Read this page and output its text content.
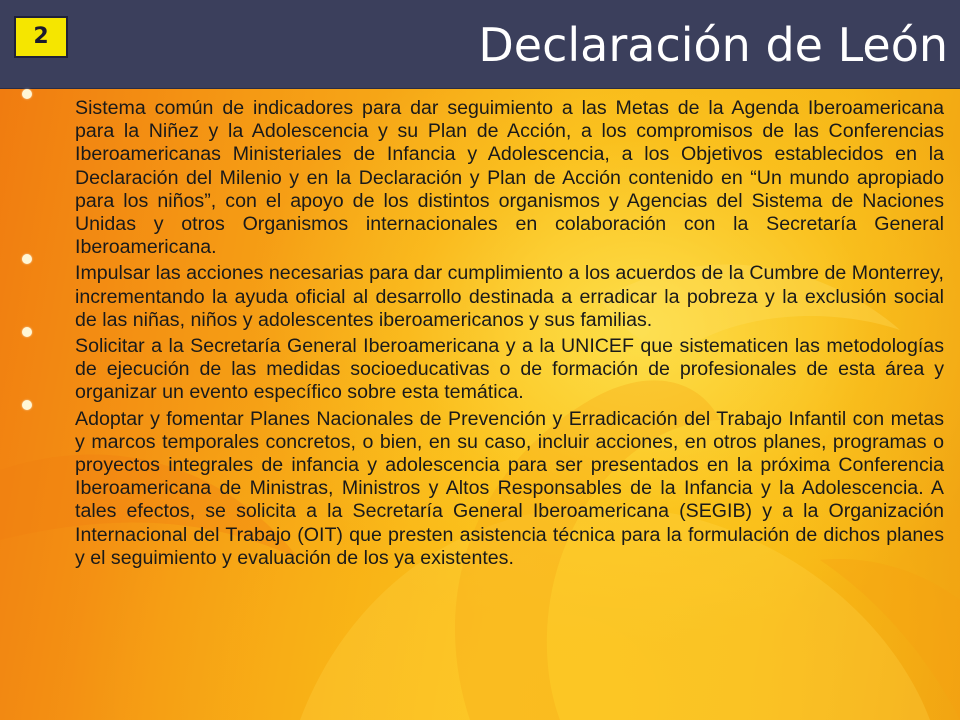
2	Declaración de León
Sistema común de indicadores para dar seguimiento a las Metas de la Agenda Iberoamericana para la Niñez y la Adolescencia y su Plan de Acción, a los compromisos de las Conferencias Iberoamericanas Ministeriales de Infancia y Adolescencia, a los Objetivos establecidos en la Declaración del Milenio y en la Declaración y Plan de Acción contenido en “Un mundo apropiado para los niños”, con el apoyo de los distintos organismos y Agencias del Sistema de Naciones Unidas y otros Organismos internacionales en colaboración con la Secretaría General Iberoamericana.
Impulsar las acciones necesarias para dar cumplimiento a los acuerdos de la Cumbre de Monterrey, incrementando la ayuda oficial al desarrollo destinada a erradicar la pobreza y la exclusión social de las niñas, niños y adolescentes iberoamericanos y sus familias.
Solicitar a la Secretaría General Iberoamericana y a la UNICEF que sistematicen las metodologías de ejecución de las medidas socioeducativas o de formación de profesionales de esta área y organizar un evento específico sobre esta temática.
Adoptar y fomentar Planes Nacionales de Prevención y Erradicación del Trabajo Infantil con metas y marcos temporales concretos, o bien, en su caso, incluir acciones, en otros planes, programas o proyectos integrales de infancia y adolescencia para ser presentados en la próxima Conferencia Iberoamericana de Ministras, Ministros y Altos Responsables de la Infancia y la Adolescencia. A tales efectos, se solicita a la Secretaría General Iberoamericana (SEGIB) y a la Organización Internacional del Trabajo (OIT) que presten asistencia técnica para la formulación de dichos planes y el seguimiento y evaluación de los ya existentes.
